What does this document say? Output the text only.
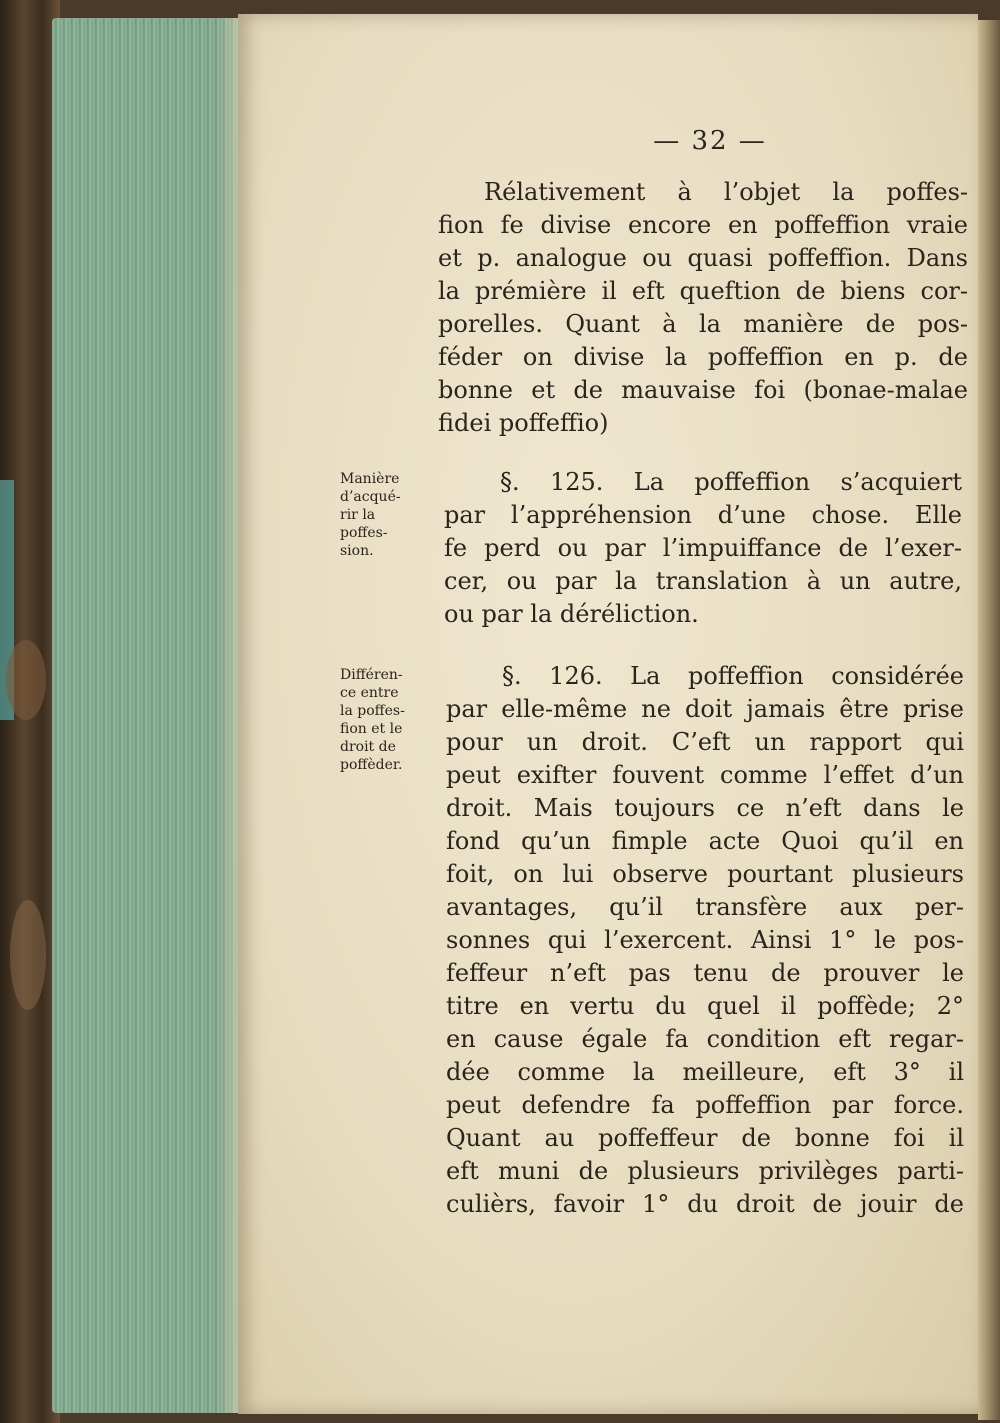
— 32 —
Rélativement à l’objet la poffes-
fion fe divise encore en poffeffion vraie
et p. analogue ou quasi poffeffion. Dans
la prémière il eft queftion de biens cor-
porelles. Quant à la manière de pos-
féder on divise la poffeffion en p. de
bonne et de mauvaise foi (bonae-malae
fidei poffeffio)
Manière
d’acqué-
rir la
poffes-
sion.
§. 125. La poffeffion s’acquiert
par l’appréhension d’une chose. Elle
fe perd ou par l’impuiffance de l’exer-
cer, ou par la translation à un autre,
ou par la déréliction.
Différen-
ce entre
la poffes-
fion et le
droit de
poffèder.
§. 126. La poffeffion considérée
par elle-même ne doit jamais être prise
pour un droit. C’eft un rapport qui
peut exifter fouvent comme l’effet d’un
droit. Mais toujours ce n’eft dans le
fond qu’un fimple acte Quoi qu’il en
foit, on lui observe pourtant plusieurs
avantages, qu’il transfère aux per-
sonnes qui l’exercent. Ainsi 1° le pos-
feffeur n’eft pas tenu de prouver le
titre en vertu du quel il poffède; 2°
en cause égale fa condition eft regar-
dée comme la meilleure, eft 3° il
peut defendre fa poffeffion par force.
Quant au poffeffeur de bonne foi il
eft muni de plusieurs privilèges parti-
culièrs, favoir 1° du droit de jouir de
